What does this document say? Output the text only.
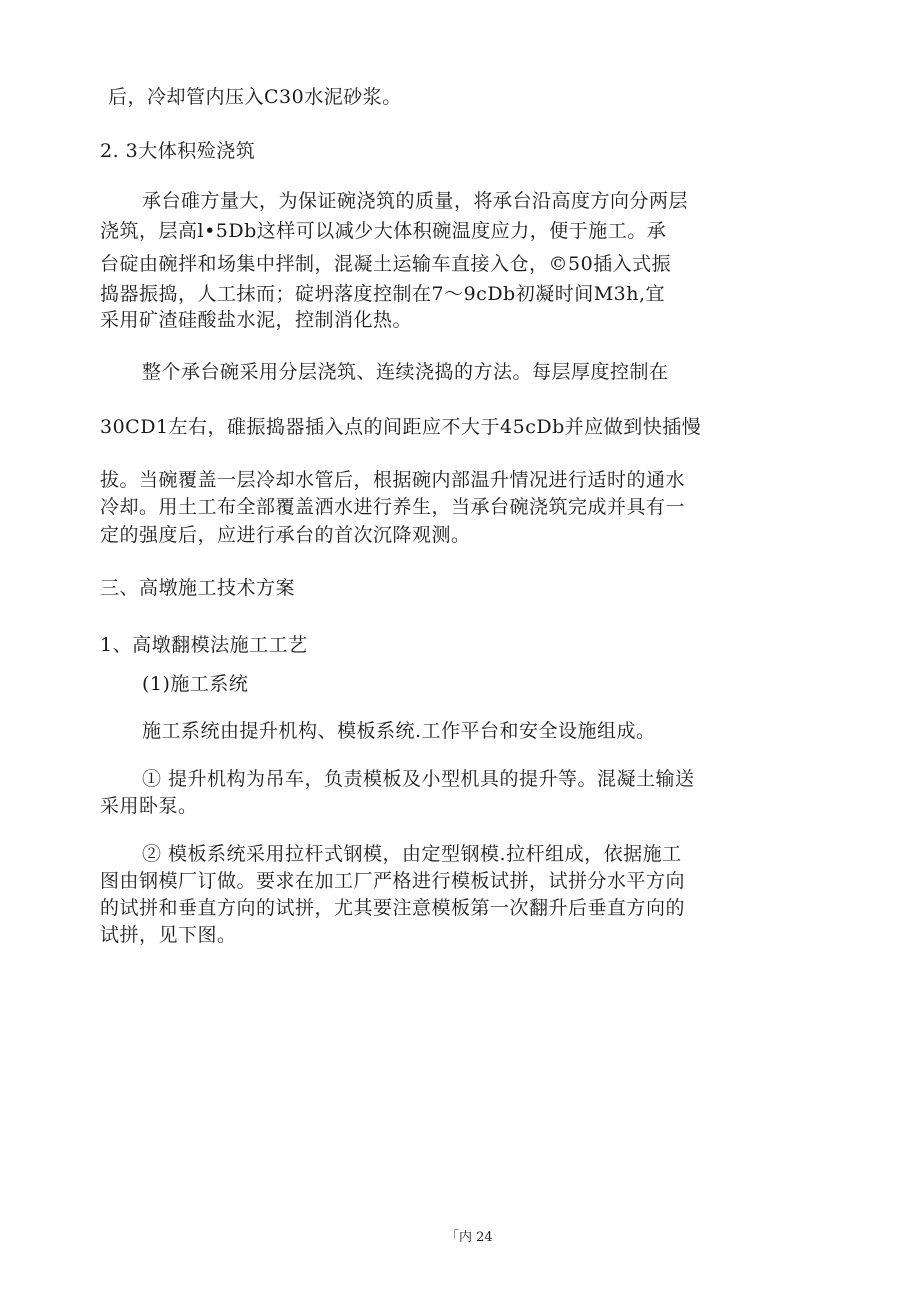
后，冷却管内压入C30水泥砂浆。
2. 3大体积殓浇筑
承台碓方量大，为保证碗浇筑的质量，将承台沿高度方向分两层
浇筑，层高l•5Db这样可以减少大体积碗温度应力，便于施工。承
台碇由碗拌和场集中拌制，混凝土运输车直接入仓，©50插入式振
捣器振捣，人工抹而；碇坍落度控制在7～9cDb初凝时间M3h,宜
采用矿渣硅酸盐水泥，控制消化热。
整个承台碗采用分层浇筑、连续浇捣的方法。每层厚度控制在
30CD1左右，碓振捣器插入点的间距应不大于45cDb并应做到快插慢
拔。当碗覆盖一层冷却水管后，根据碗内部温升情况进行适时的通水
冷却。用土工布全部覆盖洒水进行养生，当承台碗浇筑完成并具有一
定的强度后，应进行承台的首次沉降观测。
三、高墩施工技术方案
1、高墩翻模法施工工艺
(1)施工系统
施工系统由提升机构、模板系统.工作平台和安全设施组成。
① 提升机构为吊车，负责模板及小型机具的提升等。混凝土输送
采用卧泵。
② 模板系统采用拉杆式钢模，由定型钢模.拉杆组成，依据施工
图由钢模厂订做。要求在加工厂严格进行模板试拼，试拼分水平方向
的试拼和垂直方向的试拼，尤其要注意模板第一次翻升后垂直方向的
试拼，见下图。
「内 24
